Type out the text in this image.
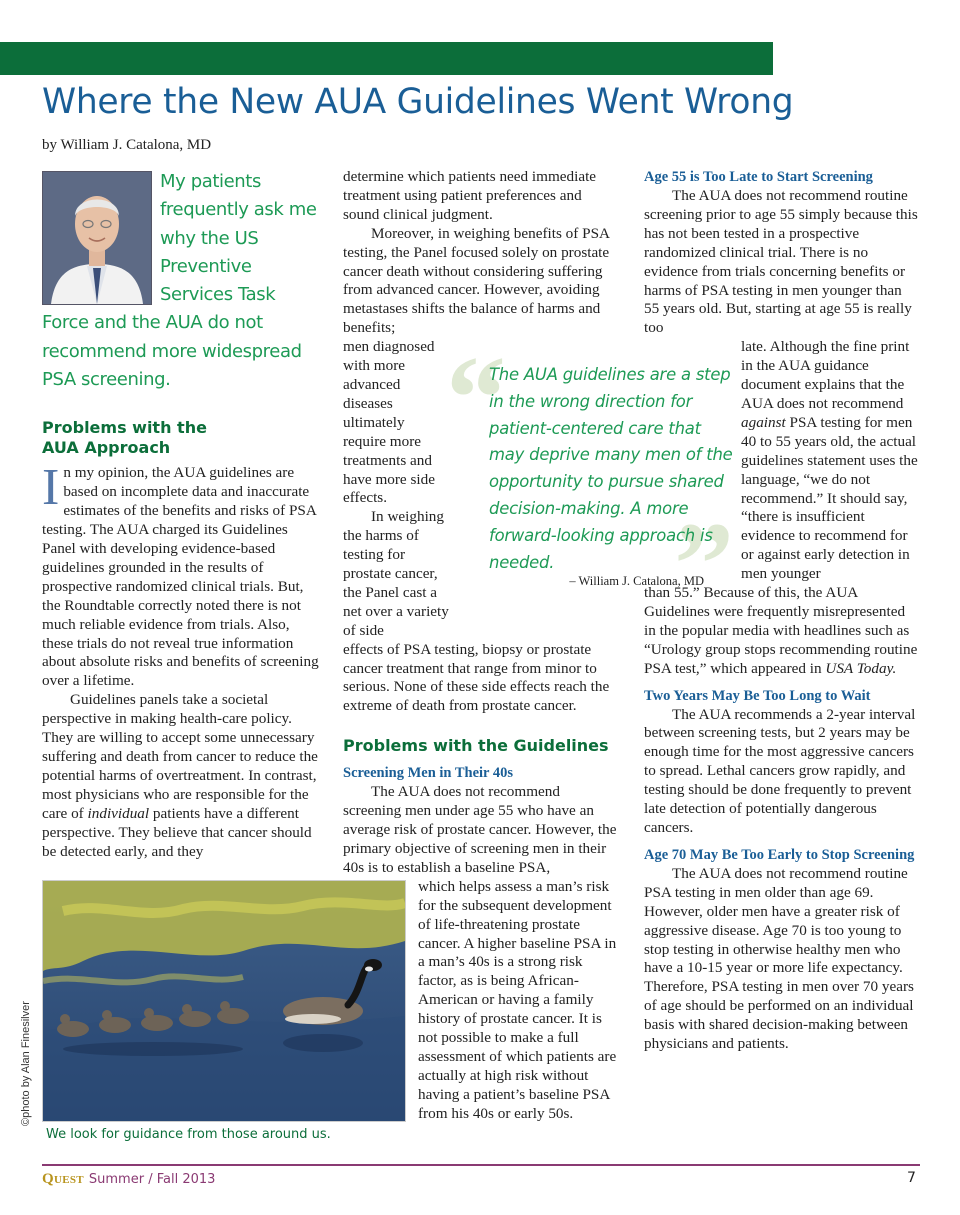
Where the New AUA Guidelines Went Wrong
by William J. Catalona, MD

My patients frequently ask me why the US Preventive Services Task Force and the AUA do not recommend more widespread PSA screening.

Problems with the AUA Approach

In my opinion, the AUA guidelines are based on incomplete data and inaccurate estimates of the benefits and risks of PSA testing. The AUA charged its Guidelines Panel with developing evidence-based guidelines grounded in the results of prospective randomized clinical trials. But, the Roundtable correctly noted there is not much reliable evidence from trials. Also, these trials do not reveal true information about absolute risks and benefits of screening over a lifetime.

Guidelines panels take a societal perspective in making health-care policy. They are willing to accept some unnecessary suffering and death from cancer to reduce the potential harms of overtreatment. In contrast, most physicians who are responsible for the care of individual patients have a different perspective. They believe that cancer should be detected early, and they

determine which patients need immediate treatment using patient preferences and sound clinical judgment.

Moreover, in weighing benefits of PSA testing, the Panel focused solely on prostate cancer death without considering suffering from advanced cancer. However, avoiding metastases shifts the balance of harms and benefits;

men diagnosed with more advanced diseases ultimately require more treatments and have more side effects.

In weighing the harms of testing for prostate cancer, the Panel cast a net over a variety of side

effects of PSA testing, biopsy or prostate cancer treatment that range from minor to serious. None of these side effects reach the extreme of death from prostate cancer.

Problems with the Guidelines
Screening Men in Their 40s

The AUA does not recommend screening men under age 55 who have an average risk of prostate cancer. However, the primary objective of screening men in their 40s is to establish a baseline PSA,

which helps assess a man’s risk for the subsequent development of life-threatening prostate cancer. A higher baseline PSA in a man’s 40s is a strong risk factor, as is being African-American or having a family history of prostate cancer. It is not possible to make a full assessment of which patients are actually at high risk without having a patient’s baseline PSA from his 40s or early 50s.

Age 55 is Too Late to Start Screening

The AUA does not recommend routine screening prior to age 55 simply because this has not been tested in a prospective randomized clinical trial. There is no evidence from trials concerning benefits or harms of PSA testing in men younger than 55 years old. But, starting at age 55 is really too

late. Although the fine print in the AUA guidance document explains that the AUA does not recommend against PSA testing for men 40 to 55 years old, the actual guidelines statement uses the language, “we do not recommend.” It should say, “there is insufficient evidence to recommend for or against early detection in men younger

than 55.” Because of this, the AUA Guidelines were frequently misrepresented in the popular media with headlines such as “Urology group stops recommending routine PSA test,” which appeared in USA Today.

Two Years May Be Too Long to Wait

The AUA recommends a 2-year interval between screening tests, but 2 years may be enough time for the most aggressive cancers to spread. Lethal cancers grow rapidly, and testing should be done frequently to prevent late detection of potentially dangerous cancers.

Age 70 May Be Too Early to Stop Screening

The AUA does not recommend routine PSA testing in men older than age 69. However, older men have a greater risk of aggressive disease. Age 70 is too young to stop testing in otherwise healthy men who have a 10-15 year or more life expectancy. Therefore, PSA testing in men over 70 years of age should be performed on an individual basis with shared decision-making between physicians and patients.

“
”

The AUA guidelines are a step in the wrong direction for patient-centered care that may deprive many men of the opportunity to pursue shared decision-making. A more forward-looking approach is needed.

– William J. Catalona, MD
©photo by Alan Finesilver
We look for guidance from those around us.
Quest Summer / Fall 2013	7
